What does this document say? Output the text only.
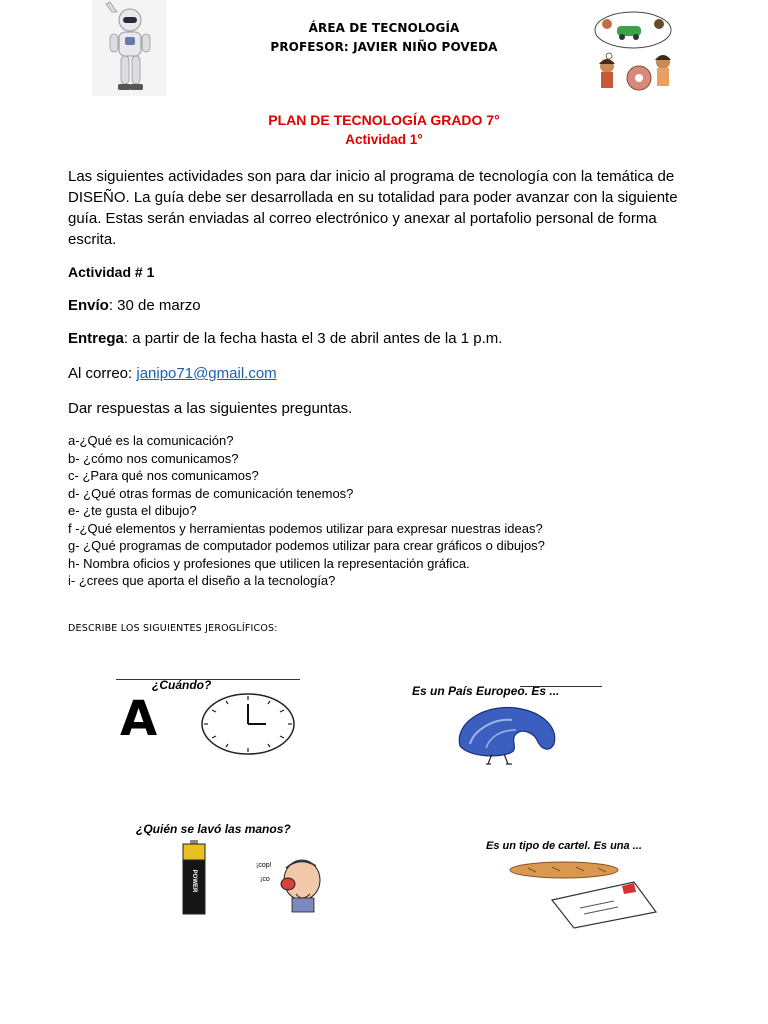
ÁREA DE TECNOLOGÍA
PROFESOR: JAVIER NIÑO POVEDA
PLAN DE TECNOLOGÍA GRADO 7°
Actividad 1°
Las siguientes actividades son para dar inicio al programa de tecnología con la temática de DISEÑO. La guía debe ser desarrollada en su totalidad para poder avanzar con la siguiente guía. Estas serán enviadas al correo electrónico y anexar al portafolio personal de forma escrita.
Actividad # 1
Envío: 30 de marzo
Entrega: a partir de la fecha hasta el 3 de abril antes de la 1 p.m.
Al correo: janipo71@gmail.com
Dar respuestas a las siguientes preguntas.
a-¿Qué es la comunicación?
b- ¿cómo nos comunicamos?
c- ¿Para qué nos comunicamos?
d- ¿Qué otras formas de comunicación tenemos?
e- ¿te gusta el dibujo?
f -¿Qué elementos y herramientas podemos utilizar para expresar nuestras ideas?
g- ¿Qué programas de computador podemos utilizar para crear gráficos o dibujos?
h- Nombra oficios y profesiones que utilicen la representación gráfica.
i- ¿crees que aporta el diseño a la tecnología?
DESCRIBE LOS SIGUIENTES JEROGLÍFICOS:
¿Cuándo?
A	Es un País Europeo. Es ...
¿Quién se lavó las manos?
POWER
¡cop!
¡co
Es un tipo de cartel. Es una ...
